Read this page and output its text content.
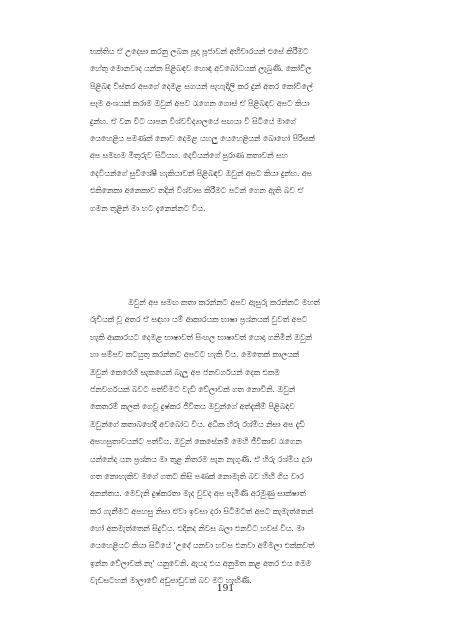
භක්තිය ඒ උදෙසා කරනු ලබන පූදා පූජාවන් අභිචාරයන් එසේ කිරීමට
හේතු මොනවාද යන්න පිළිබඳව හොඳ අවබෝධයක් ලැබුණි. කෝවිල
පිළිබඳ විස්තර අපගේ දෙමළ සගයන් පැහැදිලි කර දුන් අතර කෝවිලේ
සෑම අංශයක් කරාම ඔවුන් අපව රැගෙන ගොස් ඒ පිළිබඳව අපට කියා
දුන්හ. ඒ වන විට යාපන විශ්වවිද්‍යාලයේ සඟයා වී සිටියේ මාගේ
යෙහෙළිය පමණක් නොව දෙමළ යහලු යෙහෙළියන් බොහෝ පිරිසක්
අප සමඟම මිතුරුව සිටියහ. දෙවියන්ගේ පුරාණ කතාවන් සහ
දෙවියන්ගේ සුවිශේෂී හැකියාවන් පිළිබඳව ඔවුන් අපට කියා දුන්හ. අප
එකිනෙකා අනෙකාව තදින් විශ්වාස කිරීමට පටන් ගෙන ඇති බව ඒ
ගමන තුළින් මා හට දැනෙන්නට විය.
ඔවුන් අප සමඟ කතා කරන්නට අපව ඇසුරු කරන්නට මහත්
රුචියක් වූ අතර ඒ සඳහා යම් ආකාරයක භාෂා ප්‍රශ්නයක් වුවත් අපට
හැකි ආකාරයට දෙමළ භාෂාවත් සිංහල භාෂාවත් යොදා ගනිමින් ඔවුන්
හා සම්පව කටයුතු කරන්නට අපටට හැකි විය. මෙතෙක් කාලයක්
ඔවුන් කෙරෙහි සැකයෙන් බැලූ අප ජනවර්ගයන් දෙක එකම
ජනවර්ගයක් බවට පත්වීමට වැඩි වේලාවක් ගත නොවිනි. ඔවුන්
කෙතරම් කලක් ගෙවූ දුෂ්කර ජීවිතය ඔවුන්ගේ අත්දැකීම් පිළිබඳව
ඔවුන්ගේ කතාබහේදී අවබෝධ විය. අධික හිරු රශ්මිය නිසා අප දැඩි
අපහසුතාවයන්ට පත්විය. ඔවුන් කෙසේනම් මෙහි ජීවිකාව රැගෙන
යන්නේද යන ප්‍රශ්නය මා තුළ නිතරම පැන නැගුණි. ඒ හිරු රශ්මිය දරා
ගත නොහැකිව මගේ ගතට කිසි පණක් නොමැති බව හිඟී ගිය වාර
අනන්තය. මෙවැනි දුෂ්කරතා මැද වුවද අප පැමිණි අරමුණු සාක්ෂාත්
කර ගැනීමට අපහසු නිසා ඒවා ඉවසා දරා සිටීමටත් අපට කැමැත්තෙන්
හෝ අකමැත්තෙන් සිදුවිය. එදිනද නිවස බලා එනවිට හවස් විය. මා
යෙහෙළියට කියා සිටියේ 'උදේ යනවා හවස එනවා අම්මලා එක්කවත්
ඉන්න වේලාවක් නෑ' යනුවෙනි. ඇයද එය අනුමත කළ අතර එය මෙම
වැඩසටහන් මාලාවේ අඩුපාඩුවක් බව මට හැඟිණි.
191
